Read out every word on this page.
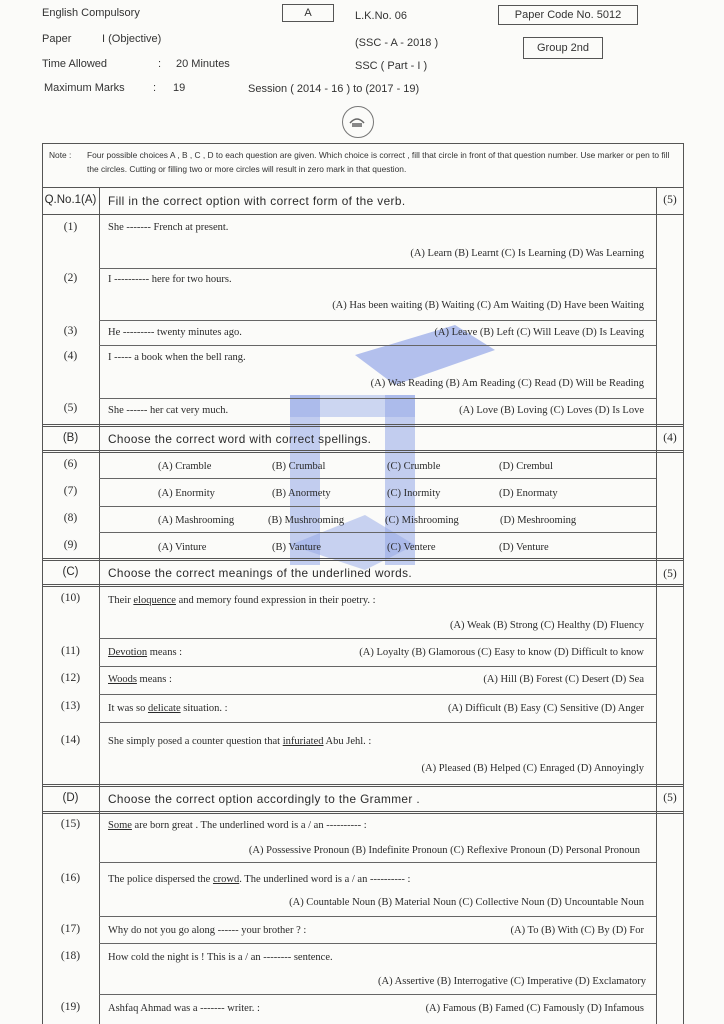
English Compulsory
Paper	I (Objective)
Time Allowed	: 20 Minutes
Maximum Marks	: 19
A	L.K.No. 06
(SSC - A - 2018 )
SSC ( Part - I )
Session ( 2014 - 16 ) to (2017 - 19)
Paper Code No. 5012
Group 2nd
Note : Four possible choices A , B , C , D to each question are given. Which choice is correct , fill that circle in front of that question number. Use marker or pen to fill the circles. Cutting or filling two or more circles will result in zero mark in that question.
Q.No.1(A) Fill in the correct option with correct form of the verb.	(5)
(1)	She ------- French at present.
(A) Learn (B) Learnt (C) Is Learning (D) Was Learning
(2)	I ---------- here for two hours.
(A) Has been waiting (B) Waiting (C) Am Waiting (D) Have been Waiting
(3)	He --------- twenty minutes ago.	(A) Leave (B) Left (C) Will Leave (D) Is Leaving
(4)	I ----- a book when the bell rang.
(A) Was Reading (B) Am Reading (C) Read (D) Will be Reading
(5)	She ------ her cat very much.	(A) Love (B) Loving (C) Loves (D) Is Love
(B)	Choose the correct word with correct spellings.	(4)
(6)	(A) Cramble	(B) Crumbal	(C) Crumble	(D) Crembul
(7)	(A) Enormity	(B) Anormety	(C) Inormity	(D) Enormaty
(8)	(A) Mashrooming	(B) Mushrooming	(C) Mishrooming	(D) Meshrooming
(9)	(A) Vinture	(B) Vanture	(C) Ventere	(D) Venture
(C)	Choose the correct meanings of the underlined words.	(5)
(10)	Their eloquence and memory found expression in their poetry. :
(A) Weak (B) Strong (C) Healthy (D) Fluency
(11)	Devotion means :	(A) Loyalty (B) Glamorous (C) Easy to know (D) Difficult to know
(12)	Woods means :	(A) Hill (B) Forest (C) Desert (D) Sea
(13)	It was so delicate situation. :	(A) Difficult (B) Easy (C) Sensitive (D) Anger
(14)	She simply posed a counter question that infuriated Abu Jehl. :
(A) Pleased (B) Helped (C) Enraged (D) Annoyingly
(D)	Choose the correct option accordingly to the Grammer .	(5)
(15)	Some are born great . The underlined word is a / an ---------- :
(A) Possessive Pronoun (B) Indefinite Pronoun (C) Reflexive Pronoun (D) Personal Pronoun
(16)	The police dispersed the crowd. The underlined word is a / an ---------- :
(A) Countable Noun (B) Material Noun (C) Collective Noun (D) Uncountable Noun
(17)	Why do not you go along ------ your brother ? :	(A) To (B) With (C) By (D) For
(18)	How cold the night is ! This is a / an -------- sentence.
(A) Assertive (B) Interrogative (C) Imperative (D) Exclamatory
(19)	Ashfaq Ahmad was a ------- writer. :	(A) Famous (B) Famed (C) Famously (D) Infamous
